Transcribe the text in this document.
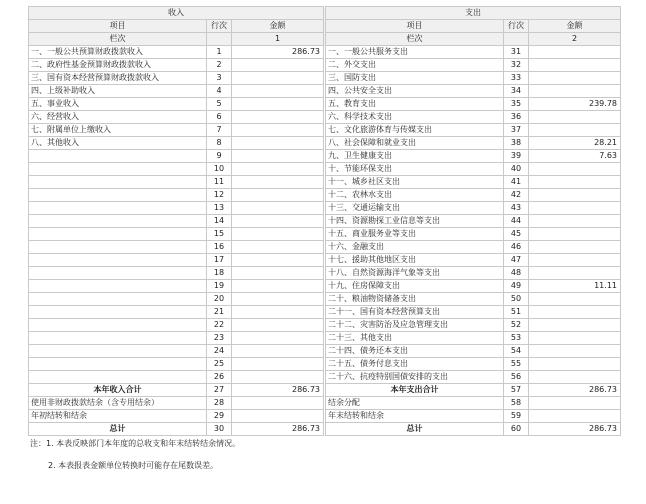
收入				支出		
项目	行次	金额		项目	行次	金额
栏次		1		栏次		2
一、一般公共预算财政拨款收入	1	286.73		一、一般公共服务支出	31	
二、政府性基金预算财政拨款收入	2			二、外交支出	32	
三、国有资本经营预算财政拨款收入	3			三、国防支出	33	
四、上级补助收入	4			四、公共安全支出	34	
五、事业收入	5			五、教育支出	35	239.78
六、经营收入	6			六、科学技术支出	36	
七、附属单位上缴收入	7			七、文化旅游体育与传媒支出	37	
八、其他收入	8			八、社会保障和就业支出	38	28.21
	9			九、卫生健康支出	39	7.63
	10			十、节能环保支出	40	
	11			十一、城乡社区支出	41	
	12			十二、农林水支出	42	
	13			十三、交通运输支出	43	
	14			十四、资源勘探工业信息等支出	44	
	15			十五、商业服务业等支出	45	
	16			十六、金融支出	46	
	17			十七、援助其他地区支出	47	
	18			十八、自然资源海洋气象等支出	48	
	19			十九、住房保障支出	49	11.11
	20			二十、粮油物资储备支出	50	
	21			二十一、国有资本经营预算支出	51	
	22			二十二、灾害防治及应急管理支出	52	
	23			二十三、其他支出	53	
	24			二十四、债务还本支出	54	
	25			二十五、债务付息支出	55	
	26			二十六、抗疫特别国债安排的支出	56	
本年收入合计	27	286.73		本年支出合计	57	286.73
使用非财政拨款结余（含专用结余）	28			结余分配	58	
年初结转和结余	29			年末结转和结余	59	
总计	30	286.73		总计	60	286.73
注：1. 本表反映部门本年度的总收支和年末结转结余情况。
2. 本表报表金额单位转换时可能存在尾数误差。
